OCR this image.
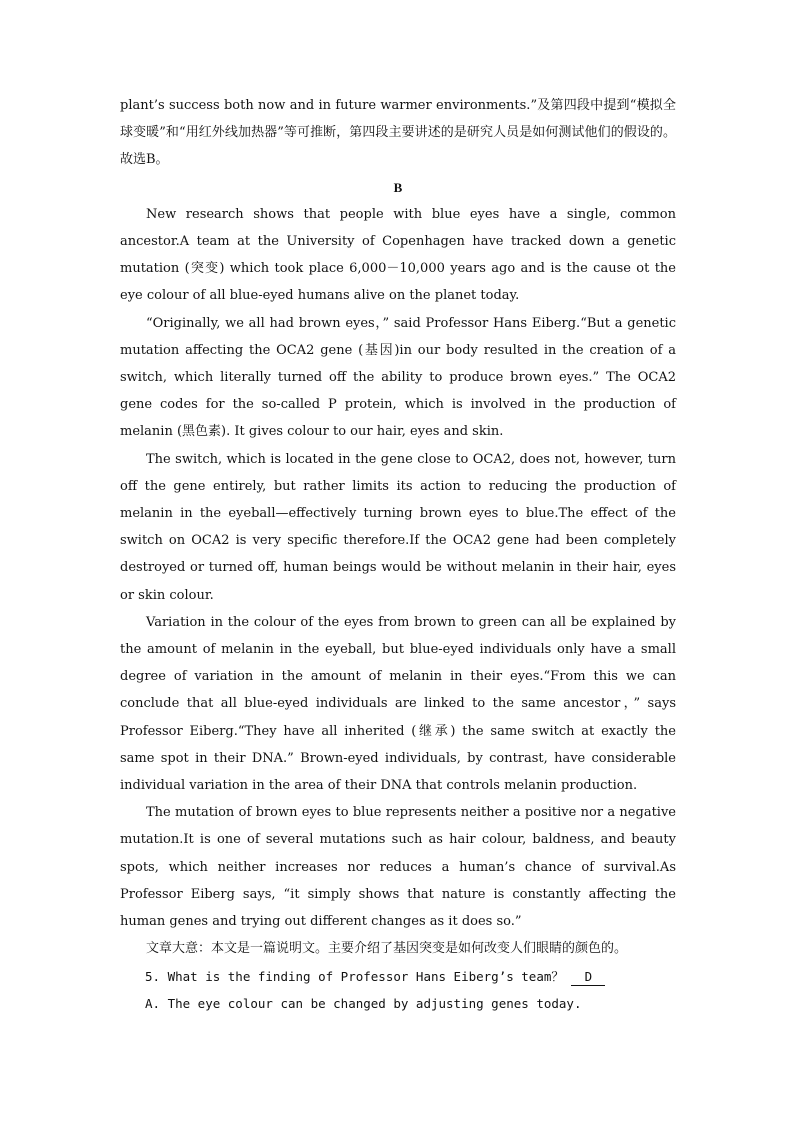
plant’s success both now and in future warmer environments.”及第四段中提到“模拟全球变暖”和“用红外线加热器”等可推断，第四段主要讲述的是研究人员是如何测试他们的假设的。故选B。

B

New research shows that people with blue eyes have a single, common ancestor.A team at the University of Copenhagen have tracked down a genetic mutation (突变) which took place 6,000－10,000 years ago and is the cause ot the eye colour of all blue-eyed humans alive on the planet today.

“Originally, we all had brown eyes，” said Professor Hans Eiberg.“But a genetic mutation affecting the OCA2 gene (基因)in our body resulted in the creation of a switch, which literally turned off the ability to produce brown eyes.” The OCA2 gene codes for the so-called P protein, which is involved in the production of melanin (黑色素). It gives colour to our hair, eyes and skin.

The switch, which is located in the gene close to OCA2, does not, however, turn off the gene entirely, but rather limits its action to reducing the production of melanin in the eyeball—effectively turning brown eyes to blue.The effect of the switch on OCA2 is very specific therefore.If the OCA2 gene had been completely destroyed or turned off, human beings would be without melanin in their hair, eyes or skin colour.

Variation in the colour of the eyes from brown to green can all be explained by the amount of melanin in the eyeball, but blue-eyed individuals only have a small degree of variation in the amount of melanin in their eyes.“From this we can conclude that all blue-eyed individuals are linked to the same ancestor，” says Professor Eiberg.“They have all inherited (继承) the same switch at exactly the same spot in their DNA.” Brown-eyed individuals, by contrast, have considerable individual variation in the area of their DNA that controls melanin production.

The mutation of brown eyes to blue represents neither a positive nor a negative mutation.It is one of several mutations such as hair colour, baldness, and beauty spots, which neither increases nor reduces a human’s chance of survival.As Professor Eiberg says, “it simply shows that nature is constantly affecting the human genes and trying out different changes as it does so.”

文章大意：本文是一篇说明文。主要介绍了基因突变是如何改变人们眼睛的颜色的。

5. What is the finding of Professor Hans Eiberg’s team？ D

A. The eye colour can be changed by adjusting genes today.
